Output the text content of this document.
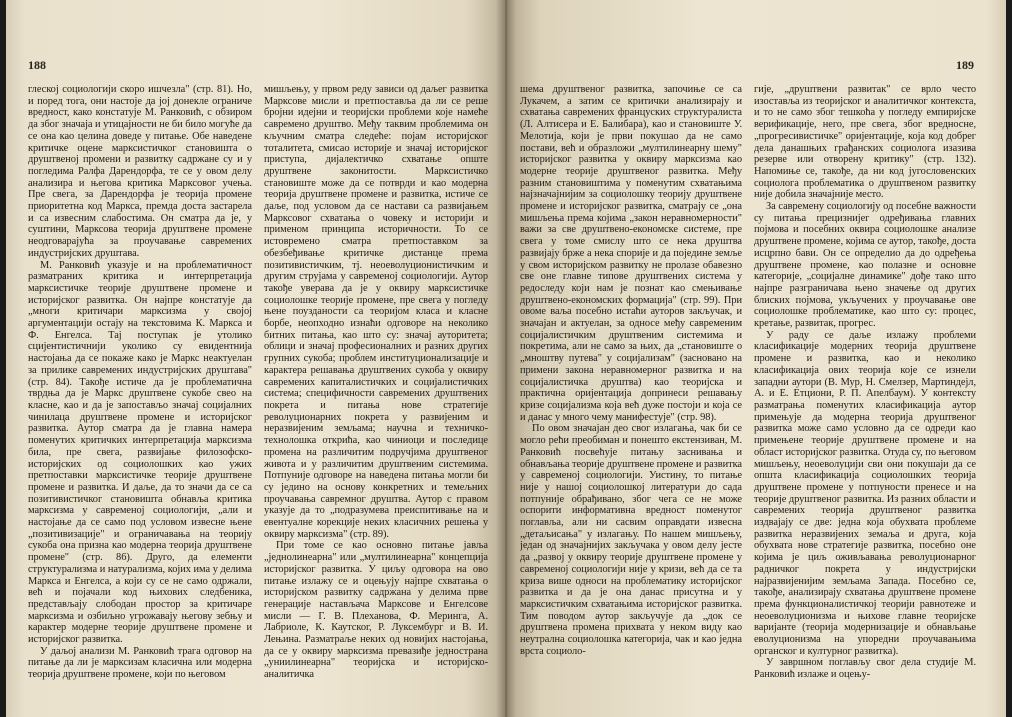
188

глеској социологији скоро ишчезла" (стр. 81). Но, и поред тога, они настоје да јој донекле ограниче вредност, како констатује М. Ранковић, с обзиром да због значаја и утицајности не би било могуће да се она као целина доведе у питање. Обе наведене критичке оцене марксистичког становишта о друштвеној промени и развитку садржане су и у погледима Ралфа Дарендорфа, те се у овом делу анализира и његова критика Марксовог учења. Пре свега, за Дарендорфа је теорија промене приоритетна код Маркса, премда доста застарела и са извесним слабостима. Он сматра да је, у суштини, Марксова теорија друштвене промене неодговарајућа за проучавање савремених индустријских друштава.

М. Ранковић указује и на проблематичност разматраних критика и интерпретација марксистичке теорије друштвене промене и историјског развитка. Он најпре констатује да „многи критичари марксизма у својој аргументацији остају на текстовима К. Маркса и Ф. Енгелса. Тај поступак је утолико сцијентистичнији уколико су евидентнија настојања да се покаже како је Маркс неактуелан за прилике савремених индустријских друштава" (стр. 84). Такође истиче да је проблематична тврдња да је Маркс друштвене сукобе свео на класне, као и да је запостављо значај социјалних чинилаца друштвене промене и историјског развитка. Аутор сматра да је главна намера поменутих критичких интерпретација марксизма била, пре свега, развијање филозофско-историјских од социолошких као ужих претпоставки марксистичке теорије друштвене промене и развитка. И даље, да то значи да се са позитивистичког становишта обнавља критика марксизма у савременој социологији, „али и настојање да се само под условом извесне њене „позитивизације" и ограничавања на теорију сукоба она призна као модерна теорија друштвене промене" (стр. 86). Друго, да елементи структурализма и натурализма, којих има у делима Маркса и Енгелса, а који су се не само одржали, већ и појачали код њихових следбеника, представљају слободан простор за критичаре марксизма и озбиљно угрожавају његову зебњу и карактер модерне теорије друштвене промене и историјског развитка.

У даљој анализи М. Ранковић трага одговор на питање да ли је марксизам класична или модерна теорија друштвене промене, који по његовом

мишљењу, у првом реду зависи од даљег развитка Марксове мисли и претпоставља да ли се реше бројни идејни и теоријски проблеми које намеће савремено друштво. Међу таквим проблемима он кључним сматра следеће: појам историјског тоталитета, смисао историје и значај историјског приступа, дијалектичко схватање опште друштвене законитости. Марксистичко становиште може да се потврди и као модерна теорија друштвене промене и развитка, истиче се даље, под условом да се настави са развијањем Марксовог схватања о човеку и историји и применом принципа историчности. То се истовремено сматра претпоставком за обезбеђивање критичке дистанце према позитивистичким, тј. неоеволуционистичким и другим струјама у савременој социологији. Аутор такође уверава да је у оквиру марксистичке социолошке теорије промене, пре свега у погледу њене поузданости са теоријом класа и класне борбе, неопходно изнаћи одговоре на неколико битних питања, као што су: значај ауторитета; облици и значај професионалних и разних других групних сукоба; проблем институционализације и карактера решавања друштвених сукоба у оквиру савремених капиталистичких и социјалистичких система; специфичности савремених друштвених покрета и питања нове стратегије револуционарних покрета у развијеним и неразвијеним земљама; научна и техничко-технолошка открића, као чиниоци и последице промена на различитим подручјима друштвеног живота и у различитим друштвеним системима. Потпуније одговоре на наведена питања могли би су једино на основу конкретних и темељних проучавања савремног друштва. Аутор с правом указује да то „подразумева преиспитивање на и евентуалне корекције неких класичних решења у оквиру марксизма" (стр. 89).

При томе се као основно питање јавља „једнолинеарна" или „мултилинеарна" концепција историјског развитка. У циљу одговора на ово питање излажу се и оцењују најпре схватања о историјском развитку садржана у делима прве генерације настављача Марксове и Енгелсове мисли — Г. В. Плеханова, Ф. Меринга, А. Лабриоле, К. Каутског, Р. Луксембург и В. И. Лењина. Разматраље неких од новијих настојања, да се у оквиру марксизма превазиђе једнострана „униилинеарна" теоријска и историјско-аналитичка

189

шема друштвеног развитка, започиње се са Лукачем, а затим се критички анализирају и схватања савремених француских структуралиста (Л. Алтисера и Е. Балибара), као и становиште У. Мелотија, који је први покушао да не само постави, већ и образложи „мултилинеарну шему" историјског развитка у оквиру марксизма као модерне теорије друштвеног развитка. Међу разним становиштима у поменутим схватањима најзначајнијим за социолошку теорију друштвене промене и историјског развитка, сматрају се „она мишљења према којима „закон неравномерности" важи за све друштвено-економске системе, пре свега у томе смислу што се нека друштва развијају брже а нека спорије и да поједине земље у свом историјском развитку не пролазе обавезно све оне главне типове друштвених система у редоследу који нам је познат као смењивање друштвено-економских формација" (стр. 99). При овоме ваља посебно истаћи ауторов закључак, и значајан и актуелан, за односе међу савременим социјалистичким друштвеним системима и покретима, али не само за њих, да „становиште о „мноштву путева" у социјализам" (засновано на примени закона неравномерног развитка и на социјалистичка друштва) као теоријска и практична оријентација допринеси решавању кризе социјализма која већ дуже постоји и која се и данас у много чему манифестује" (стр. 98).

По овом значајан део свог излагања, чак би се могло рећи преобиман и понешто екстензиван, М. Ранковић посвећује питању заснивања и обнављања теорије друштвене промене и развитка у савременој социологији. Уистину, то питање није у нашој социолошкој литератури до сада потпуније обрађивано, због чега се не може оспорити информативна вредност поменутог поглавља, али ни сасвим оправдати извесна „детаљисања" у излагању. По нашем мишљењу, један од значајнијих закључака у овом делу јесте да „развој у оквиру теорије друштвене промене у савременој социологији није у кризи, већ да се та криза више односи на проблематику историјског развитка и да је она данас присутна и у марксистичким схватањима историјског развитка. Тим поводом аутор закључује да „док се друштвена промена прихвата у неком виду као неутрална социолошка категорија, чак и као једна врста социоло-

гије, „друштвени развитак" се врло често изоставља из теоријског и аналитичког контекста, и то не само због тешкоћа у погледу емпиријске верификације, него, пре свега, због вредносне, „прогресивистичке" оријентације, која код добрег дела данашњих грађанских социолога изазива резерве или отворену критику" (стр. 132). Напомиње се, такође, да ни код југословенских социолога проблематика о друштвеном развитку није добила значајније место.

За савремену социологију од посебне важности су питања прецизнијег одређивања главних појмова и посебних оквира социолошке анализе друштвене промене, којима се аутор, такође, доста исцрпно бави. Он се определио да до одређења друштвене промене, као полазне и основне категорије, „социјалне динамике" дође тако што најпре разграничава њено значење од других блиских појмова, укључених у проучавање ове социолошке проблематике, као што су: процес, кретање, развитак, прогрес.

У раду се даље излажу проблеми класификације модерних теорија друштвене промене и развитка, као и неколико класификација ових теорија које се изнели западни аутори (В. Мур, Н. Смелзер, Мартиндејл, А. и Е. Етциони, Р. П. Апелбаум). У контексту разматрања поменутих класификација аутор примењује да модерна теорија друштвеног развитка може само условно да се одреди као примењене теорије друштвене промене и на област историјског развитка. Отуда су, по његовом мишљењу, неоеволуцији сви они покушаји да се општа класификација социолошких теорија друштвене промене у потпуности пренесе и на теорије друштвеног развитка. Из разних области и савремених теорија друштвеног развитка издвајају се две: једна која обухвата проблеме развитка неразвијених земаља и друга, која обухвата нове стратегије развитка, посебно оне којима је циљ оживљавања револуционарног радничког покрета у индустријски најразвијенијим земљама Запада. Посебно се, такође, анализирају схватања друштвене промене према функционалистичкој теорији равнотеже и неоеволуционизма и њихове главне теоријске варијанте (теорија модернизације и обнављање еволуционизма на упоредни проучавањима органског и културног развитка).

У завршном поглављу свог дела студије М. Ранковић излаже и оцењу-
